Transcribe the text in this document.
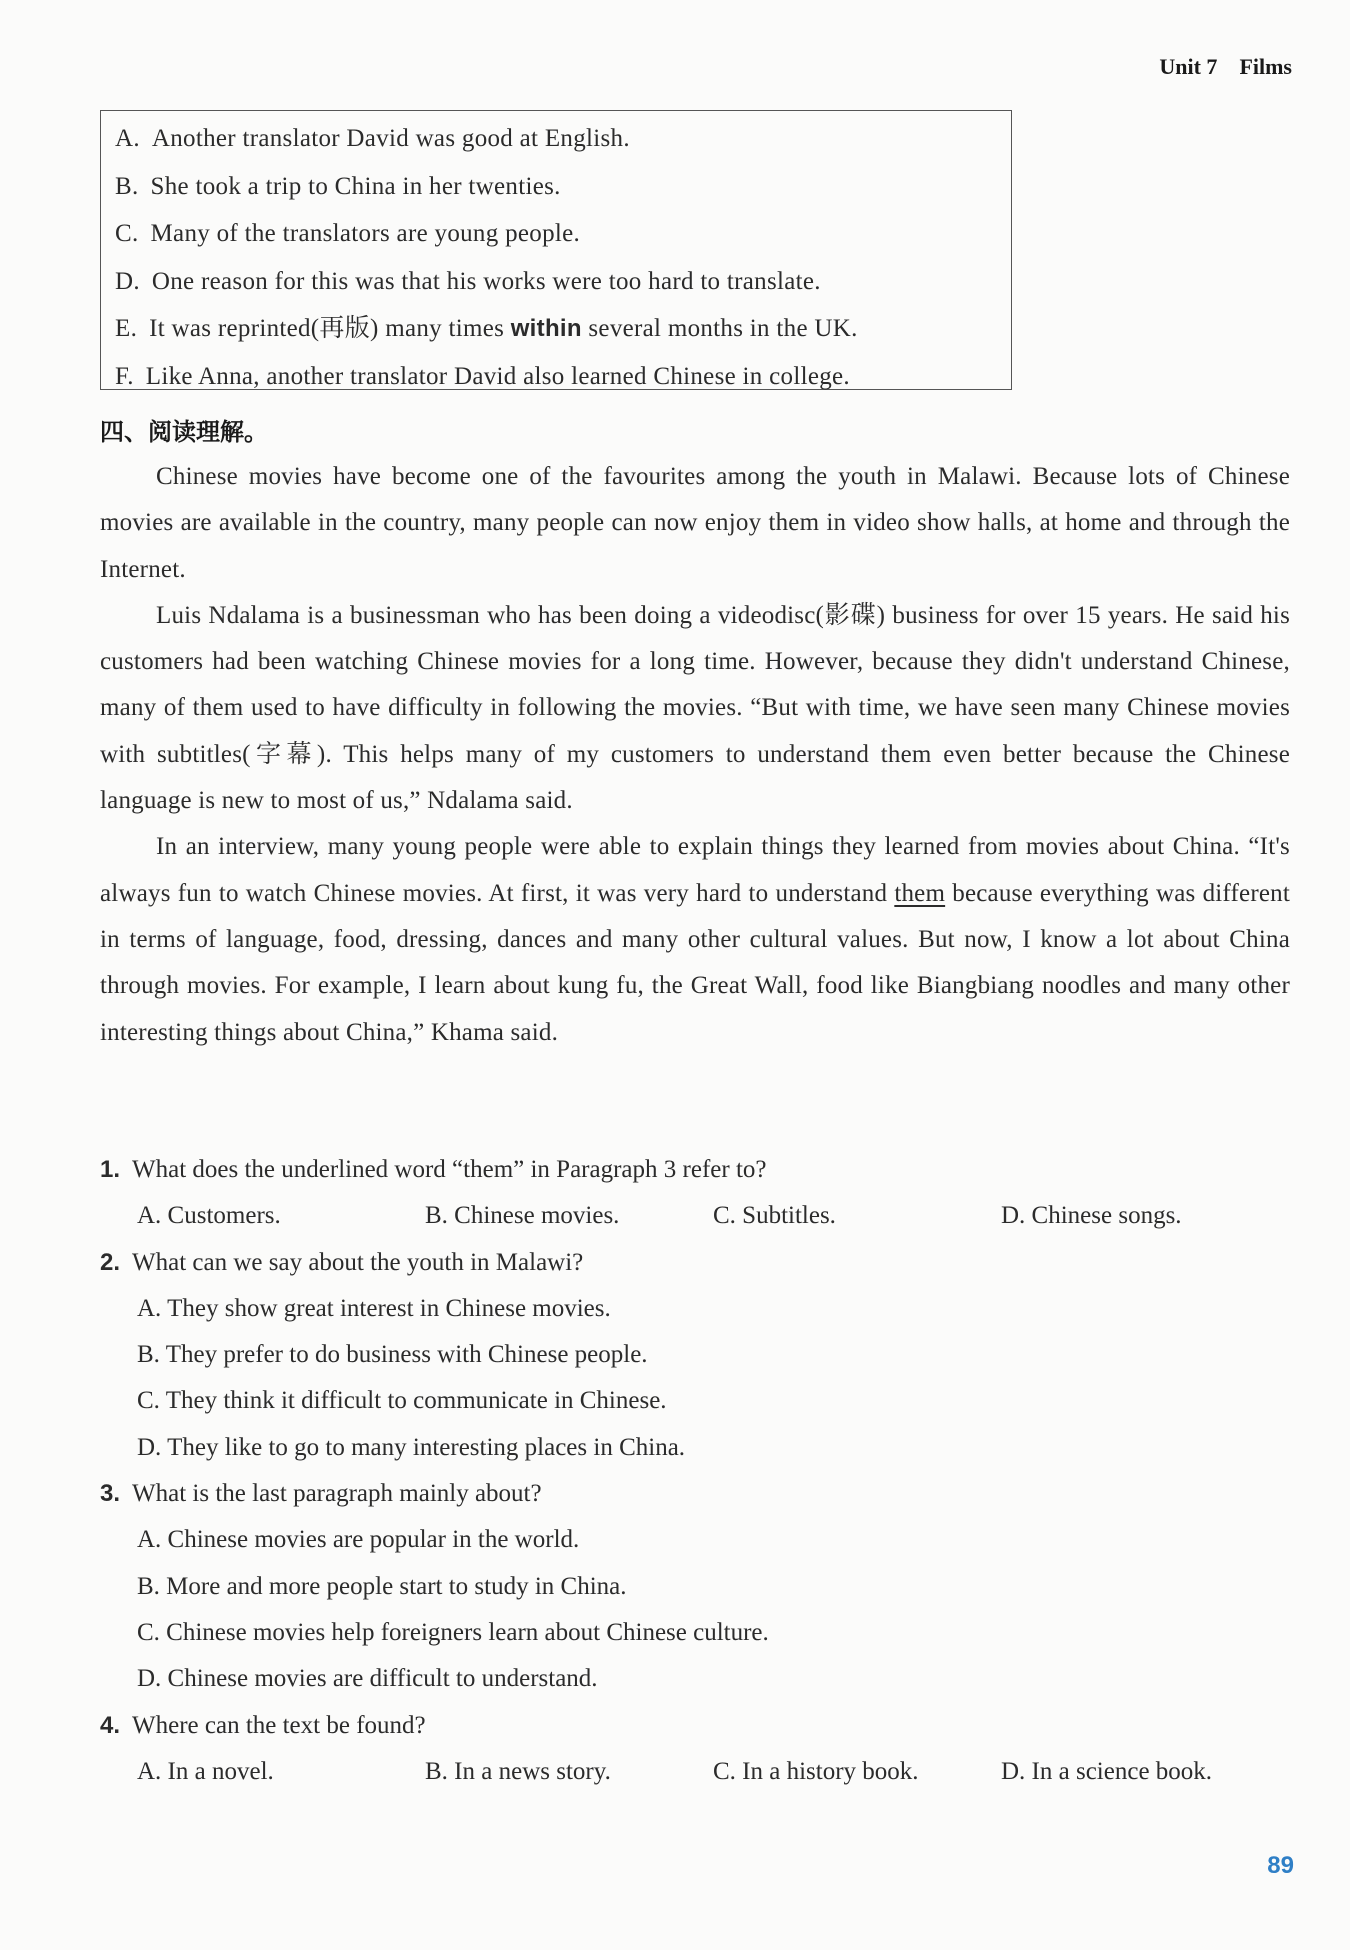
Unit 7 Films
A. Another translator David was good at English.
B. She took a trip to China in her twenties.
C. Many of the translators are young people.
D. One reason for this was that his works were too hard to translate.
E. It was reprinted(再版) many times within several months in the UK.
F. Like Anna, another translator David also learned Chinese in college.
四、阅读理解。

Chinese movies have become one of the favourites among the youth in Malawi. Because lots of Chinese movies are available in the country, many people can now enjoy them in video show halls, at home and through the Internet.

Luis Ndalama is a businessman who has been doing a videodisc(影碟) business for over 15 years. He said his customers had been watching Chinese movies for a long time. However, because they didn't understand Chinese, many of them used to have difficulty in following the movies. “But with time, we have seen many Chinese movies with subtitles(字幕). This helps many of my customers to understand them even better because the Chinese language is new to most of us,” Ndalama said.

In an interview, many young people were able to explain things they learned from movies about China. “It's always fun to watch Chinese movies. At first, it was very hard to understand them because everything was different in terms of language, food, dressing, dances and many other cultural values. But now, I know a lot about China through movies. For example, I learn about kung fu, the Great Wall, food like Biangbiang noodles and many other interesting things about China,” Khama said.

1. What does the underlined word “them” in Paragraph 3 refer to?
A. Customers.	B. Chinese movies.	C. Subtitles.	D. Chinese songs.
2. What can we say about the youth in Malawi?
A. They show great interest in Chinese movies.
B. They prefer to do business with Chinese people.
C. They think it difficult to communicate in Chinese.
D. They like to go to many interesting places in China.
3. What is the last paragraph mainly about?
A. Chinese movies are popular in the world.
B. More and more people start to study in China.
C. Chinese movies help foreigners learn about Chinese culture.
D. Chinese movies are difficult to understand.
4. Where can the text be found?
A. In a novel.	B. In a news story.	C. In a history book.	D. In a science book.
89
